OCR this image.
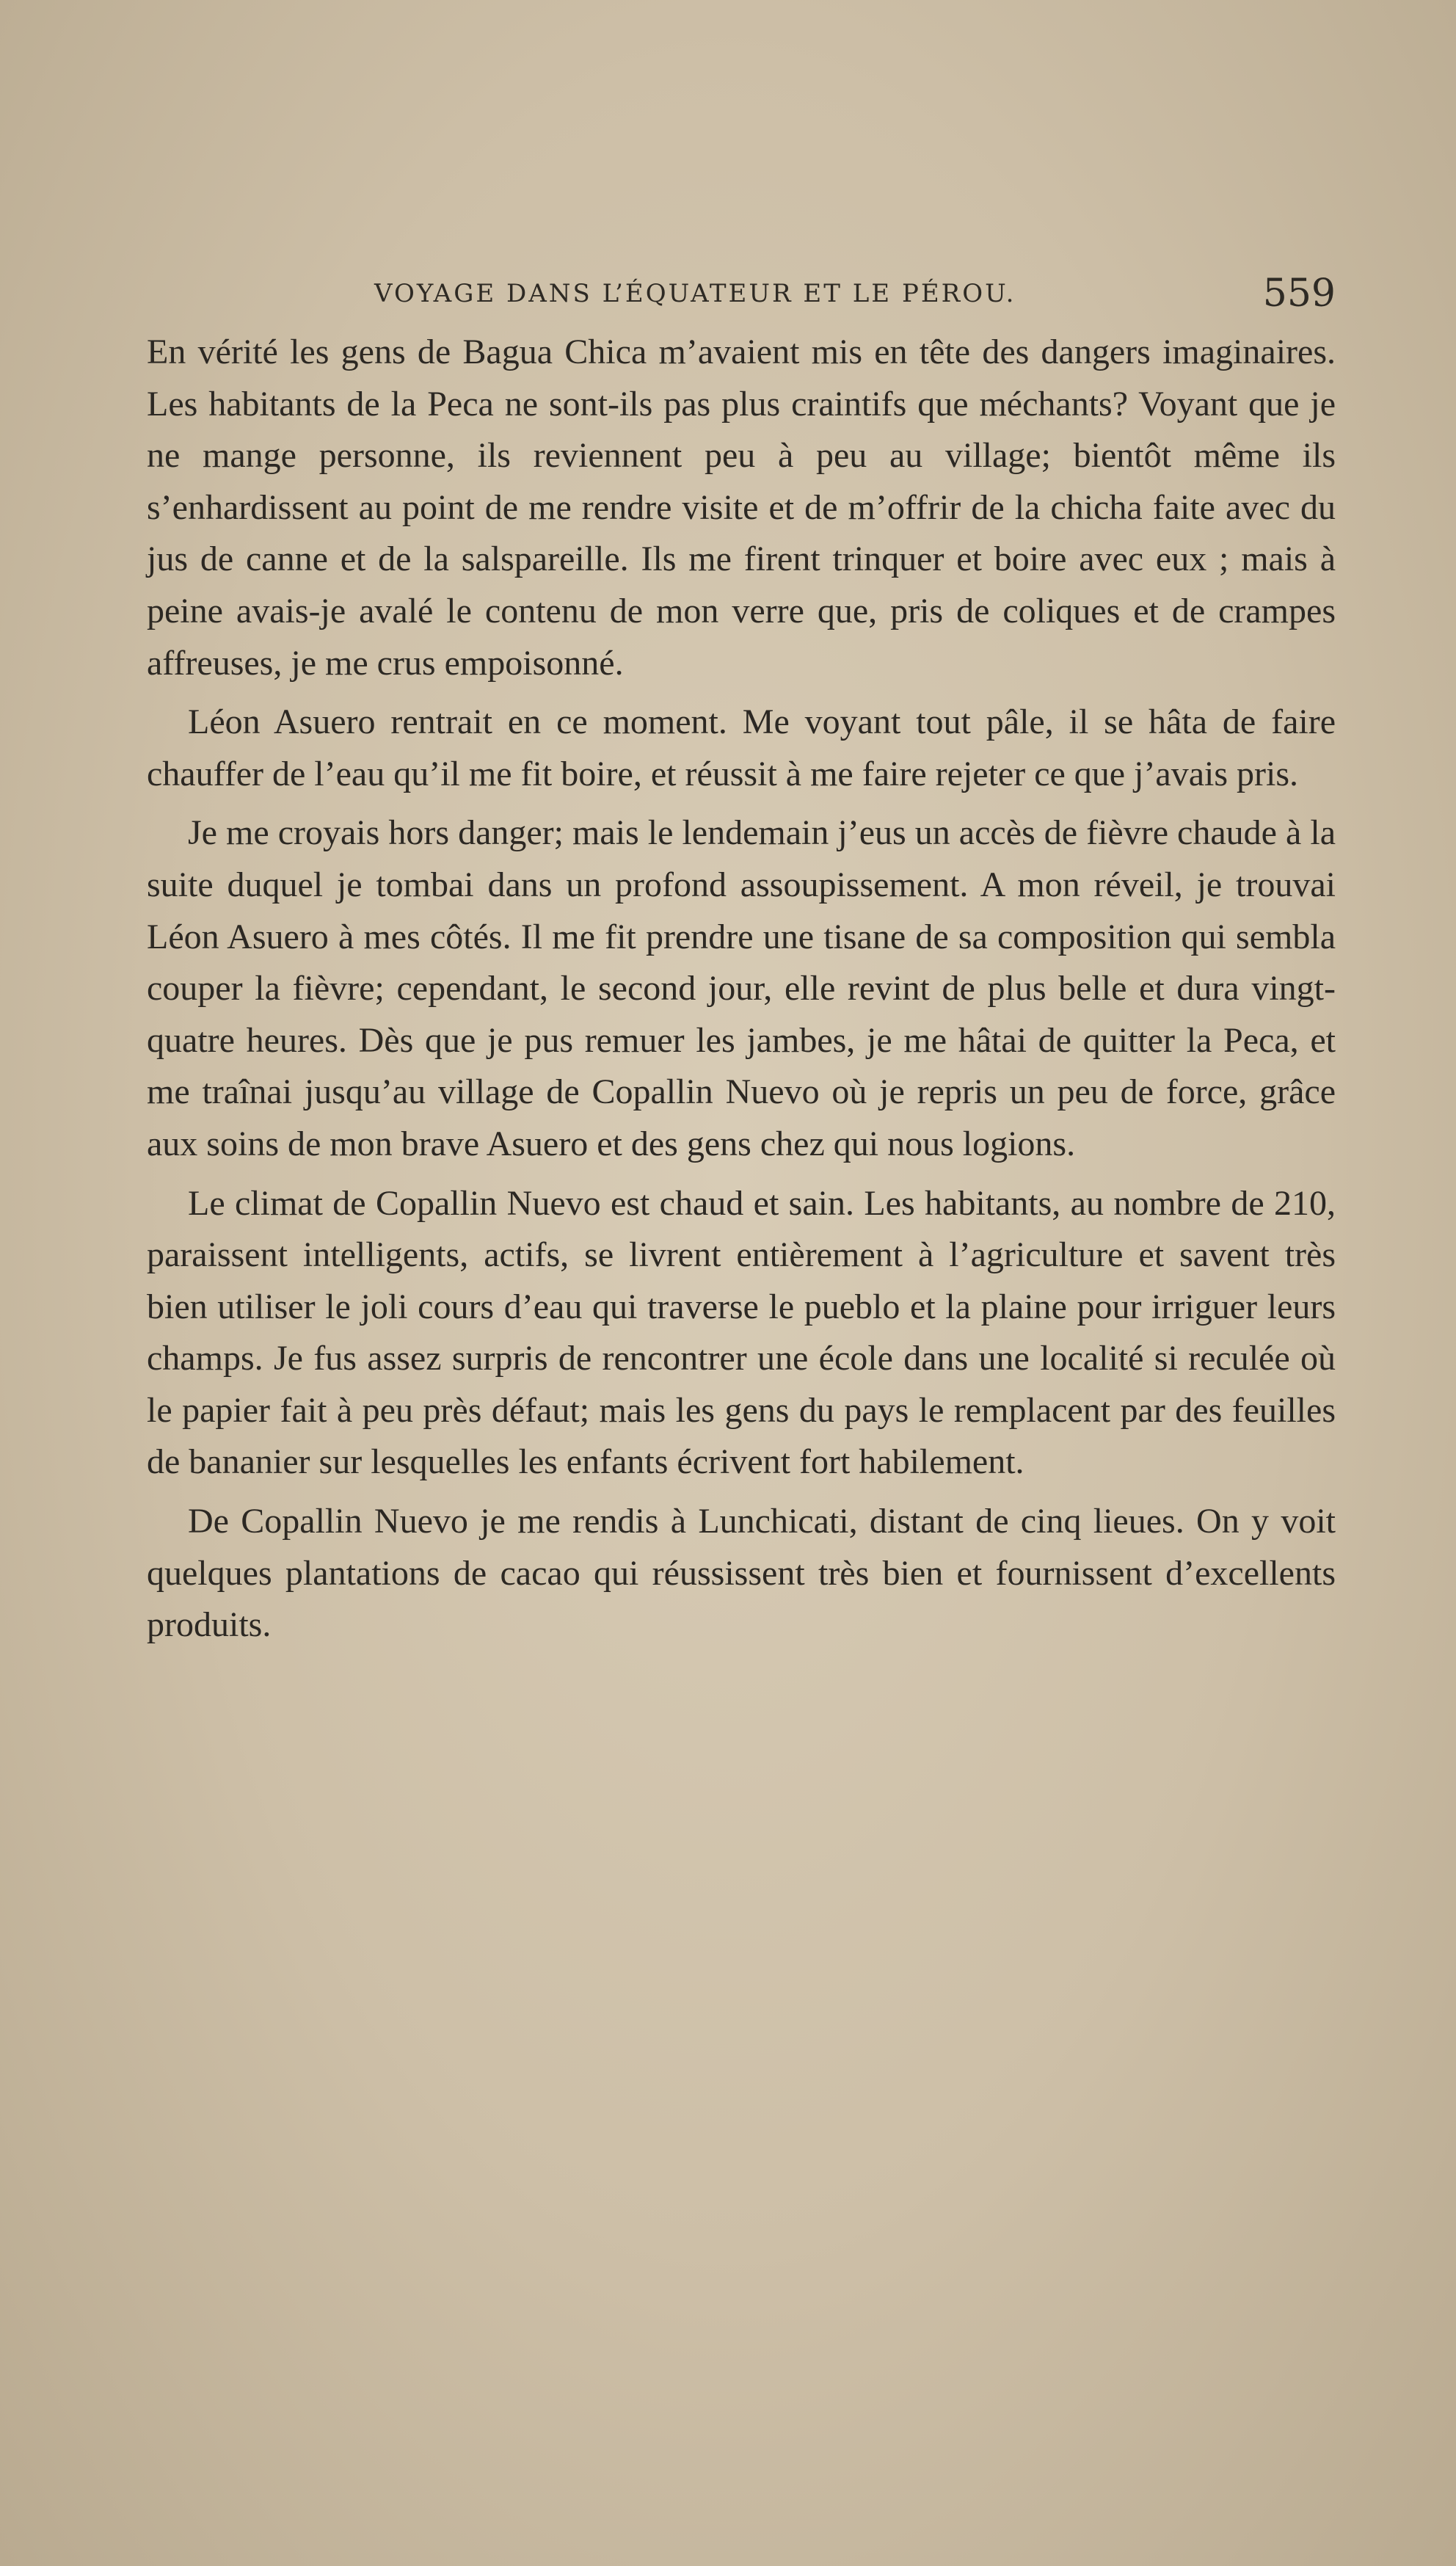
VOYAGE DANS L’ÉQUATEUR ET LE PÉROU.	559

En vérité les gens de Bagua Chica m’avaient mis en tête des dangers imaginaires. Les habitants de la Peca ne sont-ils pas plus craintifs que méchants? Voyant que je ne mange personne, ils reviennent peu à peu au village; bientôt même ils s’enhardissent au point de me rendre visite et de m’offrir de la chicha faite avec du jus de canne et de la salspareille. Ils me firent trinquer et boire avec eux ; mais à peine avais-je avalé le contenu de mon verre que, pris de coliques et de crampes affreuses, je me crus empoisonné.

Léon Asuero rentrait en ce moment. Me voyant tout pâle, il se hâta de faire chauffer de l’eau qu’il me fit boire, et réussit à me faire rejeter ce que j’avais pris.

Je me croyais hors danger; mais le lendemain j’eus un accès de fièvre chaude à la suite duquel je tombai dans un profond assoupissement. A mon réveil, je trouvai Léon Asuero à mes côtés. Il me fit prendre une tisane de sa composition qui sembla couper la fièvre; cependant, le second jour, elle revint de plus belle et dura vingt-quatre heures. Dès que je pus remuer les jambes, je me hâtai de quitter la Peca, et me traînai jusqu’au village de Copallin Nuevo où je repris un peu de force, grâce aux soins de mon brave Asuero et des gens chez qui nous logions.

Le climat de Copallin Nuevo est chaud et sain. Les habitants, au nombre de 210, paraissent intelligents, actifs, se livrent entièrement à l’agriculture et savent très bien utiliser le joli cours d’eau qui traverse le pueblo et la plaine pour irriguer leurs champs. Je fus assez surpris de rencontrer une école dans une localité si reculée où le papier fait à peu près défaut; mais les gens du pays le remplacent par des feuilles de bananier sur lesquelles les enfants écrivent fort habilement.

De Copallin Nuevo je me rendis à Lunchicati, distant de cinq lieues. On y voit quelques plantations de cacao qui réussissent très bien et fournissent d’excellents produits.
